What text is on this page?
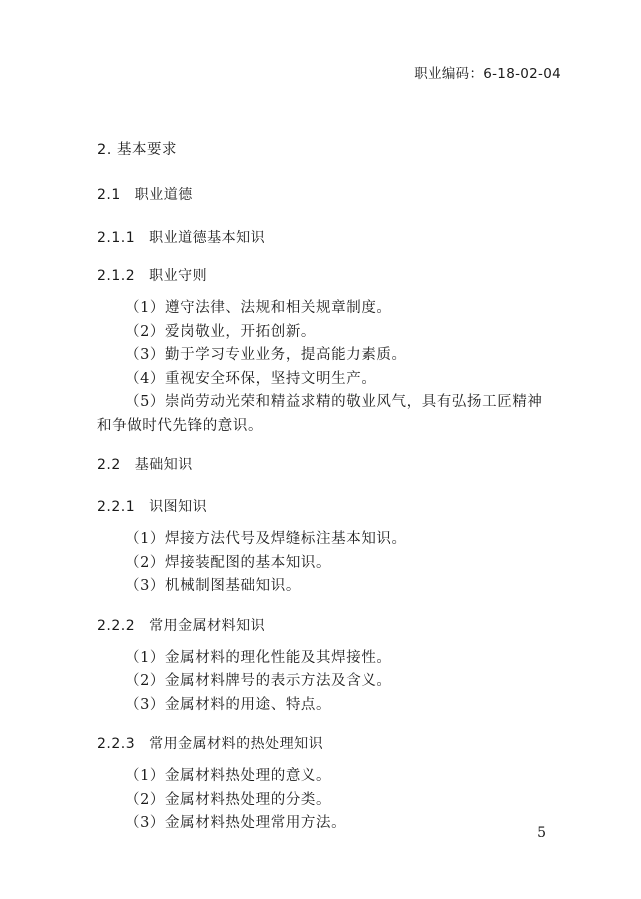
职业编码：6-18-02-04

2. 基本要求

2.1 职业道德

2.1.1 职业道德基本知识

2.1.2 职业守则

（1）遵守法律、法规和相关规章制度。
（2）爱岗敬业，开拓创新。
（3）勤于学习专业业务，提高能力素质。
（4）重视安全环保，坚持文明生产。
（5）崇尚劳动光荣和精益求精的敬业风气，具有弘扬工匠精神
和争做时代先锋的意识。

2.2 基础知识

2.2.1 识图知识

（1）焊接方法代号及焊缝标注基本知识。
（2）焊接装配图的基本知识。
（3）机械制图基础知识。

2.2.2 常用金属材料知识

（1）金属材料的理化性能及其焊接性。
（2）金属材料牌号的表示方法及含义。
（3）金属材料的用途、特点。

2.2.3 常用金属材料的热处理知识

（1）金属材料热处理的意义。
（2）金属材料热处理的分类。
（3）金属材料热处理常用方法。
5
